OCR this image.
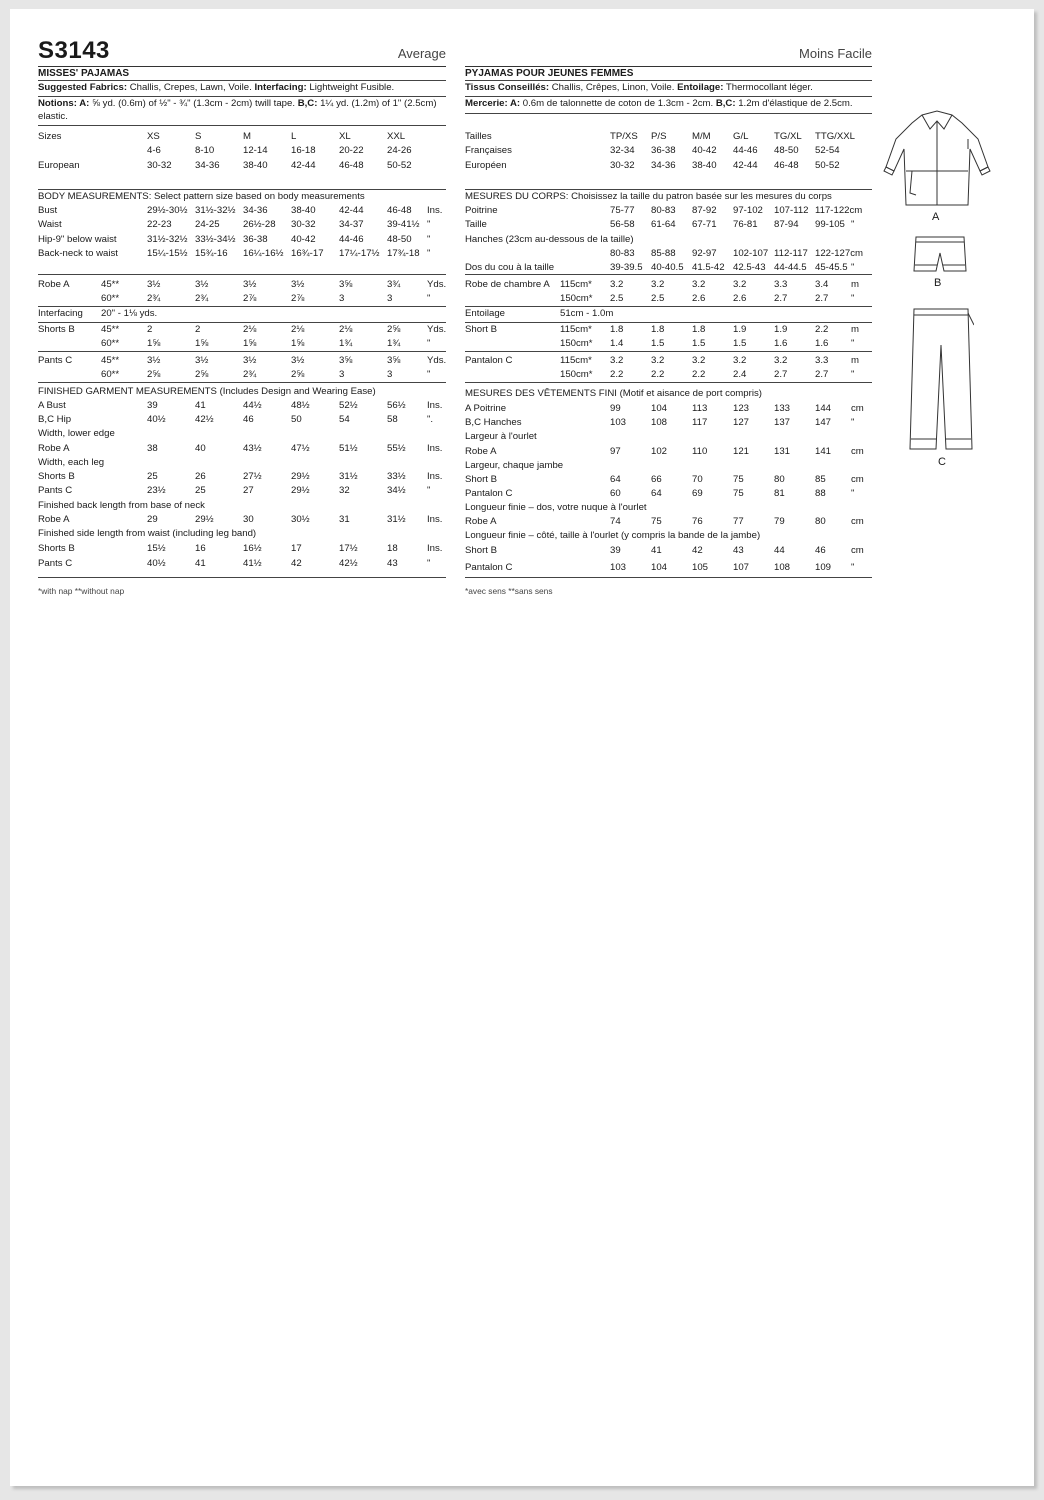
S3143	Average
MISSES' PAJAMAS
Suggested Fabrics: Challis, Crepes, Lawn, Voile. Interfacing: Lightweight Fusible.
Notions: A: ⅝ yd. (0.6m) of ½" - ¾" (1.3cm - 2cm) twill tape. B,C: 1¼ yd. (1.2m) of 1" (2.5cm)
elastic.
Sizes	XS	S	M	L	XL	XXL
4-6	8-10	12-14 16-18 20-22 24-26
European	30-32 34-36 38-40 42-44 46-48 50-52
BODY MEASUREMENTS: Select pattern size based on body measurements
Bust	29½-30½ 31½-32½ 34-36 38-40 42-44 46-48 Ins.
Waist	22-23 24-25 26½-28 30-32 34-37 39-41½ "
Hip-9" below waist	31½-32½ 33½-34½ 36-38 40-42 44-46 48-50 "
Back-neck to waist	15¼-15½ 15¾-16 16¼-16½ 16¾-17 17¼-17½ 17¾-18 "
Robe A	45**	3½	3½	3½	3½	3⅝	3¾	Yds.
60**	2¾	2¾	2⅞	2⅞	3	3	"
Interfacing 20" - 1⅛ yds.
Shorts B	45**	2	2	2⅛	2⅛	2⅛	2⅝	Yds.
60**	1⅝	1⅝	1⅝	1⅝	1¾	1¾	"
Pants C	45**	3½	3½	3½	3½	3⅝	3⅝	Yds.
60**	2⅝	2⅝	2¾	2⅝	3	3	"
FINISHED GARMENT MEASUREMENTS (Includes Design and Wearing Ease)
A Bust	39	41	44½	48½	52½	56½ Ins.
B,C Hip	40½	42½	46	50	54	58	".
Width, lower edge
Robe A	38	40	43½	47½	51½	55½ Ins.
Width, each leg
Shorts B	25	26	27½	29½	31½	33½ Ins.
Pants C	23½	25	27	29½	32	34½ "
Finished back length from base of neck
Robe A	29	29½	30	30½	31	31½ Ins.
Finished side length from waist (including leg band)
Shorts B	15½	16	16½	17	17½	18	Ins.
Pants C	40½	41	41½	42	42½	43	"
*with nap **without nap
Moins Facile
PYJAMAS POUR JEUNES FEMMES
Tissus Conseillés: Challis, Crêpes, Linon, Voile. Entoilage: Thermocollant léger.
Mercerie: A: 0.6m de talonnette de coton de 1.3cm - 2cm. B,C: 1.2m d'élastique de 2.5cm.
Tailles	TP/XS P/S	M/M G/L	TG/XL TTG/XXL
Françaises	32-34 36-38 40-42 44-46 48-50 52-54
Européen	30-32 34-36 38-40 42-44 46-48 50-52
MESURES DU CORPS: Choisissez la taille du patron basée sur les mesures du corps
Poitrine	75-77 80-83 87-92 97-102 107-112 117-122cm
Taille	56-58 61-64 67-71 76-81 87-94 99-105 "
Hanches (23cm au-dessous de la taille)
80-83 85-88 92-97 102-107 112-117 122-127cm
Dos du cou à la taille	39-39.5 40-40.5 41.5-42 42.5-43 44-44.5 45-45.5 "
Robe de chambre A 115cm* 3.2	3.2	3.2	3.2	3.3	3.4 m
150cm* 2.5	2.5	2.6	2.6	2.7	2.7 "
Entoilage	51cm - 1.0m
Short B	115cm* 1.8	1.8	1.8	1.9	1.9	2.2 m
150cm* 1.4	1.5	1.5	1.5	1.6	1.6 "
Pantalon C	115cm* 3.2	3.2	3.2	3.2	3.2	3.3 m
150cm* 2.2	2.2	2.2	2.4	2.7	2.7 "
MESURES DES VÊTEMENTS FINI (Motif et aisance de port compris)
A Poitrine	99	104	113	123	133	144 cm
B,C Hanches	103	108	117	127	137	147 "
Largeur à l'ourlet
Robe A	97	102	110	121	131	141 cm
Largeur, chaque jambe
Short B	64	66	70	75	80	85	cm
Pantalon C	60	64	69	75	81	88	"
Longueur finie – dos, votre nuque à l'ourlet
Robe A	74	75	76	77	79	80	cm
Longueur finie – côté, taille à l'ourlet (y compris la bande de la jambe)
Short B	39	41	42	43	44	46	cm
Pantalon C	103	104	105	107	108	109 "
*avec sens **sans sens
A
B
C
